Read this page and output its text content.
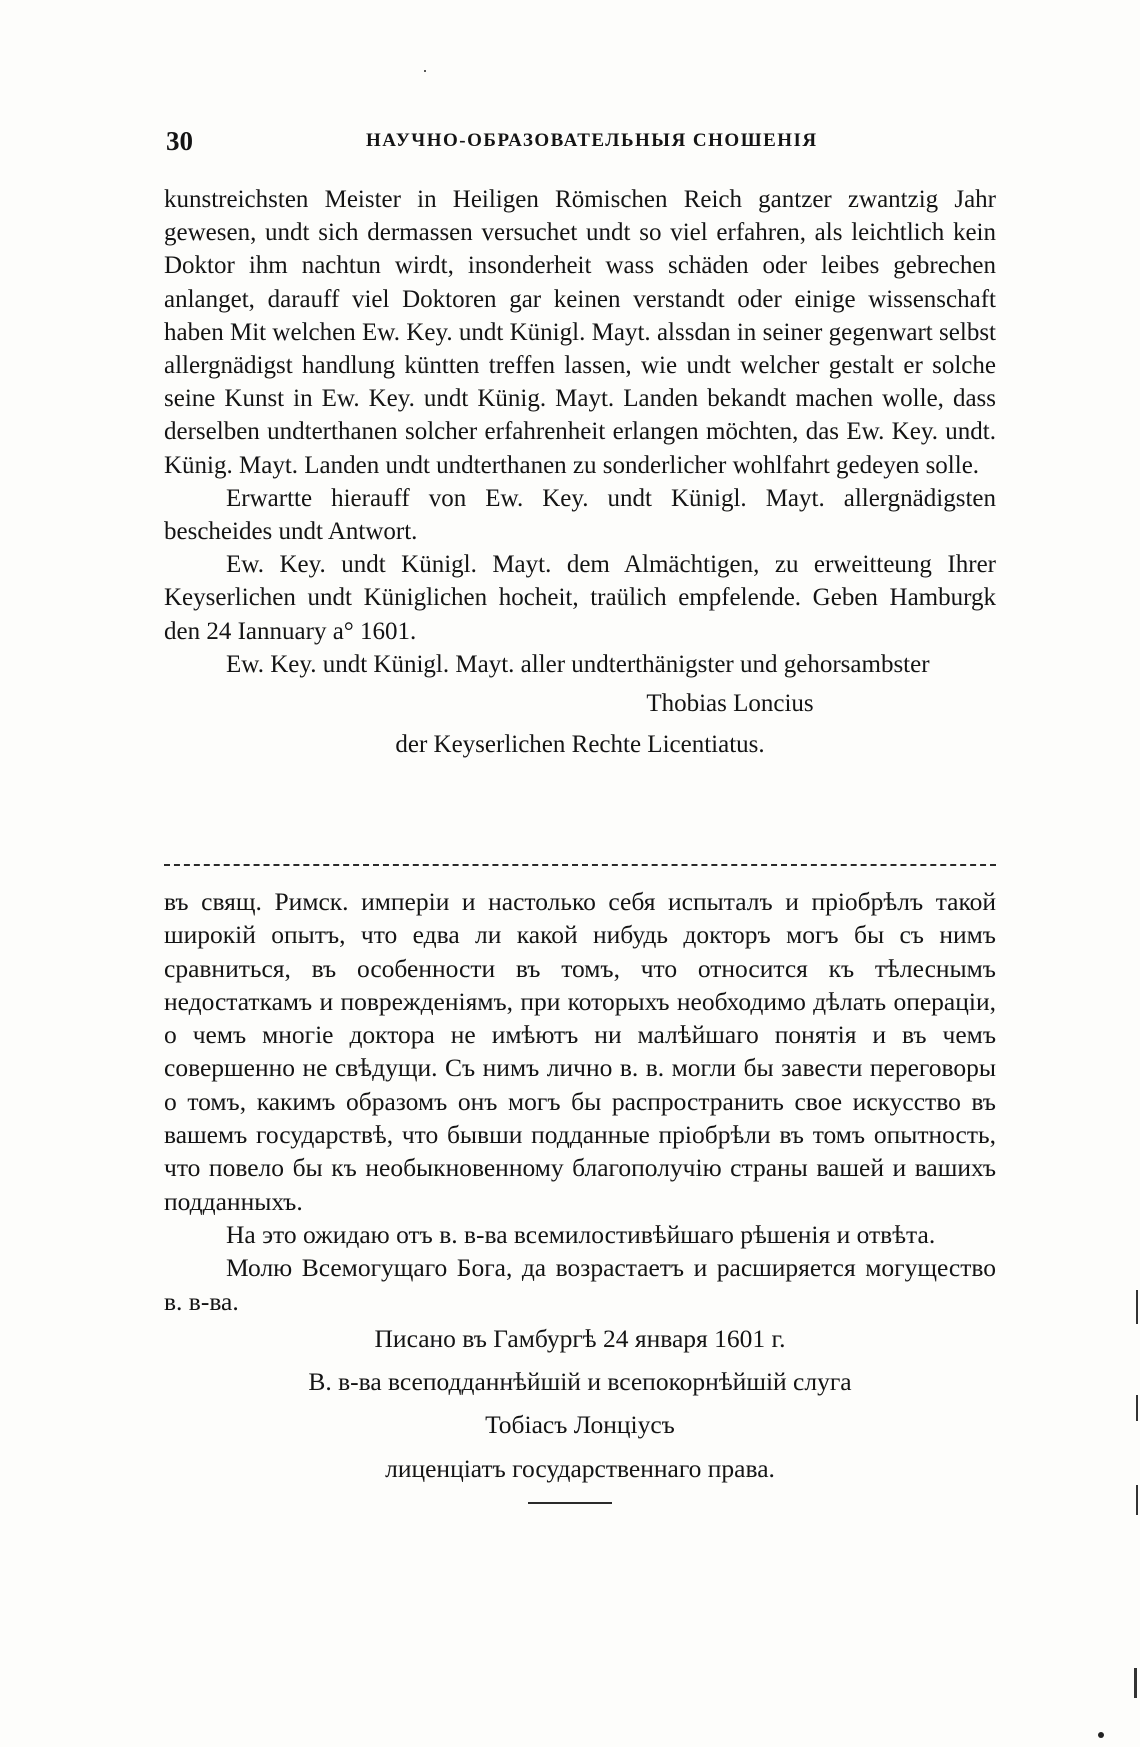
30	НАУЧНО-ОБРАЗОВАТЕЛЬНЫЯ СНОШЕНІЯ

kunstreichsten Meister in Heiligen Römischen Reich gantzer zwantzig Jahr gewesen, undt sich dermassen versuchet undt so viel erfahren, als leichtlich kein Doktor ihm nachtun wirdt, insonderheit wass schäden oder leibes gebrechen anlanget, darauff viel Doktoren gar keinen verstandt oder einige wissenschaft haben Mit welchen Ew. Key. undt Künigl. Mayt. alssdan in seiner gegenwart selbst allergnädigst handlung küntten treffen lassen, wie undt welcher gestalt er solche seine Kunst in Ew. Key. undt Künig. Mayt. Landen bekandt machen wolle, dass derselben undterthanen solcher erfahrenheit erlangen möchten, das Ew. Key. undt. Künig. Mayt. Landen undt undterthanen zu sonderlicher wohlfahrt gedeyen solle.

Erwartte hierauff von Ew. Key. undt Künigl. Mayt. allergnädigsten bescheides undt Antwort.

Ew. Key. undt Künigl. Mayt. dem Almächtigen, zu erweitteung Ihrer Keyserlichen undt Küniglichen hocheit, traülich empfelende. Geben Hamburgk den 24 Iannuary a° 1601.

Ew. Key. undt Künigl. Mayt. aller undterthänigster und gehorsambster

Thobias Loncius
der Keyserlichen Rechte Licentiatus.

въ свящ. Римск. имперіи и настолько себя испыталъ и пріобрѣлъ такой широкій опытъ, что едва ли какой нибудь докторъ могъ бы съ нимъ сравниться, въ особенности въ томъ, что относится къ тѣлеснымъ недостаткамъ и поврежденіямъ, при которыхъ необходимо дѣлать операціи, о чемъ многіе доктора не имѣютъ ни малѣйшаго понятія и въ чемъ совершенно не свѣдущи. Съ нимъ лично в. в. могли бы завести переговоры о томъ, какимъ образомъ онъ могъ бы распространить свое искусство въ вашемъ государствѣ, что бывши подданные пріобрѣли въ томъ опытность, что повело бы къ необыкновенному благополучію страны вашей и вашихъ подданныхъ.

На это ожидаю отъ в. в-ва всемилостивѣйшаго рѣшенія и отвѣта.

Молю Всемогущаго Бога, да возрастаетъ и расширяется могущество в. в-ва.

Писано въ Гамбургѣ 24 января 1601 г.
В. в-ва всеподданнѣйшій и всепокорнѣйшій слуга
Тобіасъ Лонціусъ
лиценціатъ государственнаго права.
